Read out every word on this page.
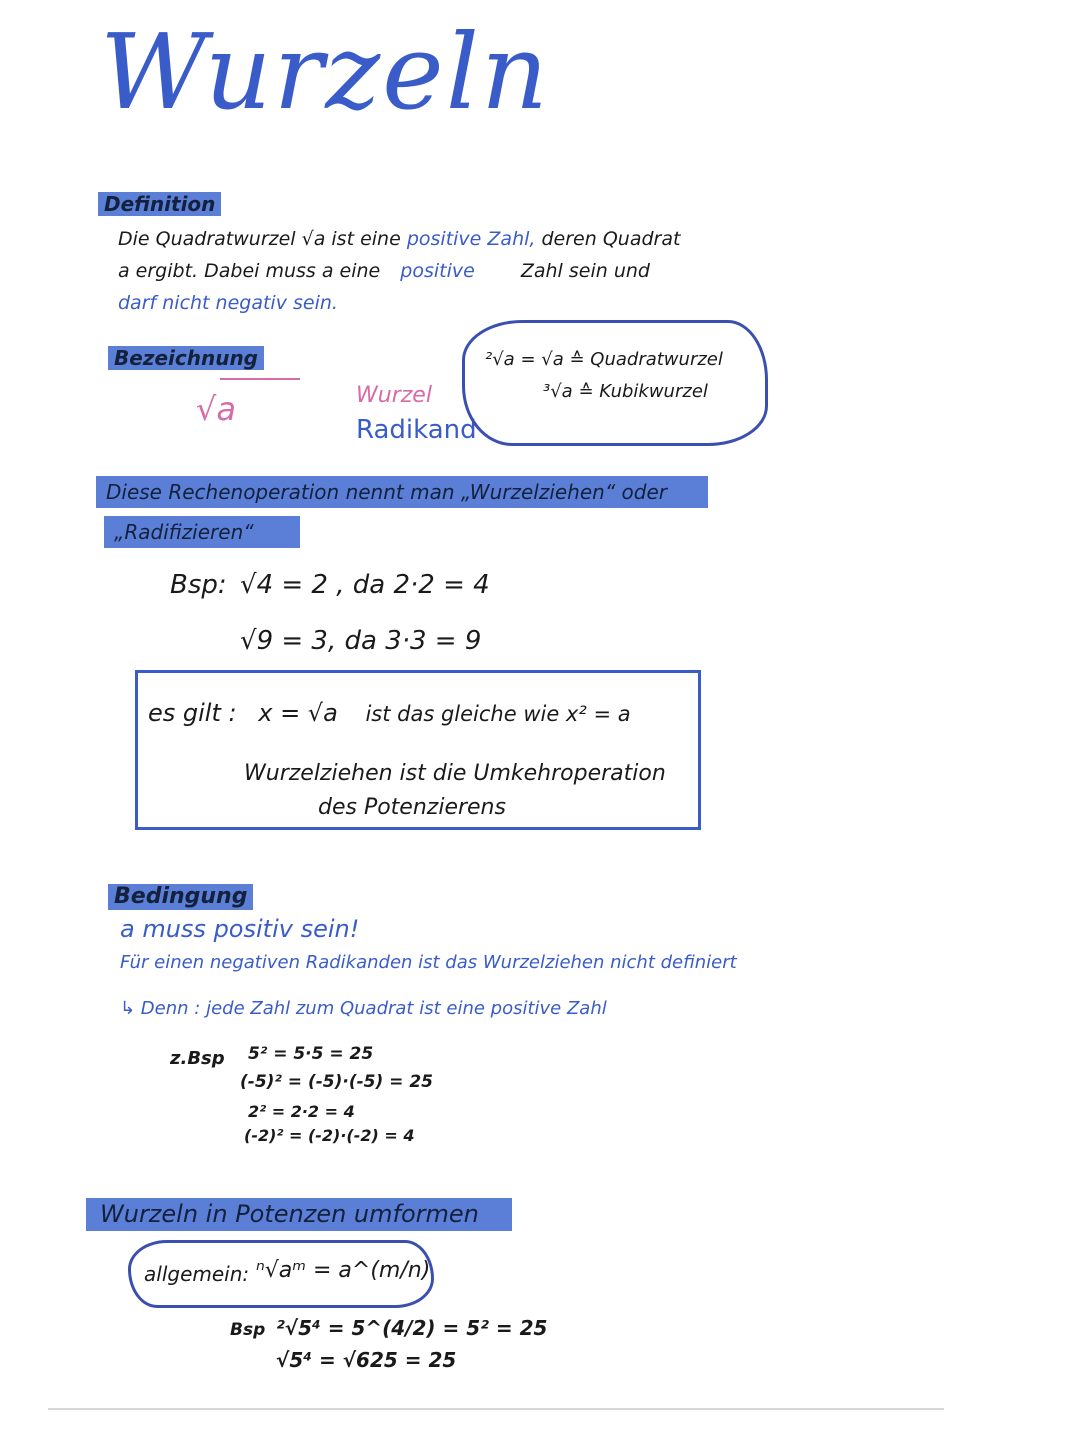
Wurzeln
Definition
Die Quadratwurzel √a ist eine positive Zahl, deren Quadrat
a ergibt. Dabei muss a eine positive Zahl sein und
darf nicht negativ sein.
Bezeichnung
√a	Wurzel
Radikand
²√a = √a ≙ Quadratwurzel
³√a ≙ Kubikwurzel
Diese Rechenoperation nennt man „Wurzelziehen“ oder
„Radifizieren“
Bsp: √4 = 2 , da 2·2 = 4
√9 = 3, da 3·3 = 9
es gilt : x = √a ist das gleiche wie x² = a
Wurzelziehen ist die Umkehroperation
des Potenzierens
Bedingung
a muss positiv sein!
Für einen negativen Radikanden ist das Wurzelziehen nicht definiert
↳ Denn : jede Zahl zum Quadrat ist eine positive Zahl
z.Bsp 5² = 5·5 = 25
(-5)² = (-5)·(-5) = 25
2² = 2·2 = 4
(-2)² = (-2)·(-2) = 4
Wurzeln in Potenzen umformen
allgemein: ⁿ√aᵐ = a^(m/n)
Bsp ²√5⁴ = 5^(4/2) = 5² = 25
√5⁴ = √625 = 25
